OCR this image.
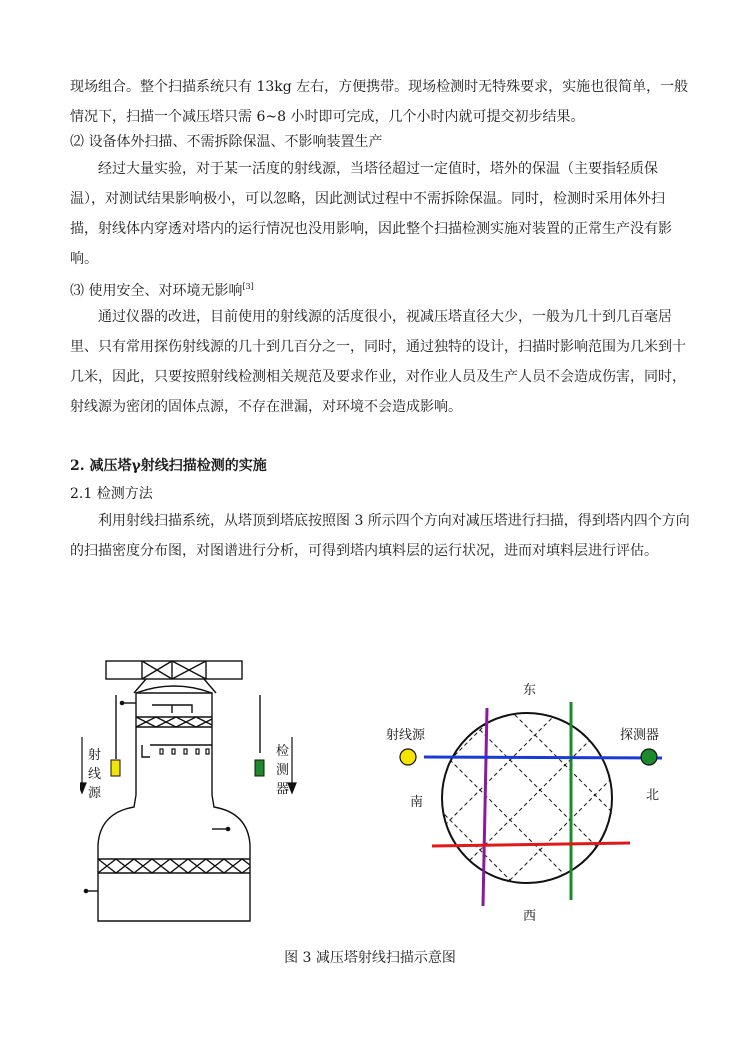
现场组合。整个扫描系统只有 13kg 左右，方便携带。现场检测时无特殊要求，实施也很简单，一般情况下，扫描一个减压塔只需 6~8 小时即可完成，几个小时内就可提交初步结果。

⑵ 设备体外扫描、不需拆除保温、不影响装置生产

经过大量实验，对于某一活度的射线源，当塔径超过一定值时，塔外的保温（主要指轻质保温），对测试结果影响极小，可以忽略，因此测试过程中不需拆除保温。同时，检测时采用体外扫描，射线体内穿透对塔内的运行情况也没用影响，因此整个扫描检测实施对装置的正常生产没有影响。

⑶ 使用安全、对环境无影响[3]

通过仪器的改进，目前使用的射线源的活度很小，视减压塔直径大少，一般为几十到几百毫居里、只有常用探伤射线源的几十到几百分之一，同时，通过独特的设计，扫描时影响范围为几米到十几米，因此，只要按照射线检测相关规范及要求作业，对作业人员及生产人员不会造成伤害，同时，射线源为密闭的固体点源，不存在泄漏，对环境不会造成影响。

2. 减压塔γ射线扫描检测的实施

2.1 检测方法

利用射线扫描系统，从塔顶到塔底按照图 3 所示四个方向对减压塔进行扫描，得到塔内四个方向的扫描密度分布图，对图谱进行分析，可得到塔内填料层的运行状况，进而对填料层进行评估。

射
线
源
检
测
器
东
西
南	北
射线源	探测器

图 3 减压塔射线扫描示意图
